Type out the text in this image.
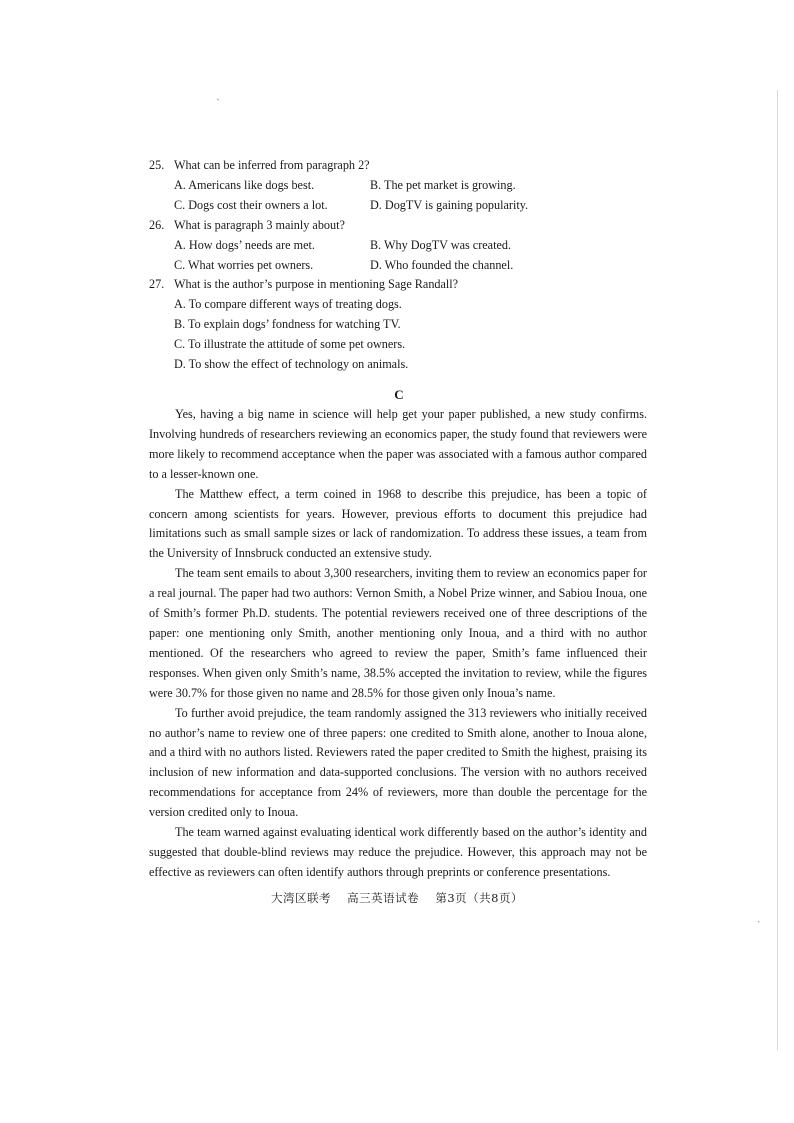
ˎ
˴
25. What can be inferred from paragraph 2?
A. Americans like dogs best.	B. The pet market is growing.
C. Dogs cost their owners a lot.	D. DogTV is gaining popularity.
26. What is paragraph 3 mainly about?
A. How dogs’ needs are met.	B. Why DogTV was created.
C. What worries pet owners.	D. Who founded the channel.
27. What is the author’s purpose in mentioning Sage Randall?
A. To compare different ways of treating dogs.
B. To explain dogs’ fondness for watching TV.
C. To illustrate the attitude of some pet owners.
D. To show the effect of technology on animals.
C

Yes, having a big name in science will help get your paper published, a new study confirms. Involving hundreds of researchers reviewing an economics paper, the study found that reviewers were more likely to recommend acceptance when the paper was associated with a famous author compared to a lesser-known one.

The Matthew effect, a term coined in 1968 to describe this prejudice, has been a topic of concern among scientists for years. However, previous efforts to document this prejudice had limitations such as small sample sizes or lack of randomization. To address these issues, a team from the University of Innsbruck conducted an extensive study.

The team sent emails to about 3,300 researchers, inviting them to review an economics paper for a real journal. The paper had two authors: Vernon Smith, a Nobel Prize winner, and Sabiou Inoua, one of Smith’s former Ph.D. students. The potential reviewers received one of three descriptions of the paper: one mentioning only Smith, another mentioning only Inoua, and a third with no author mentioned. Of the researchers who agreed to review the paper, Smith’s fame influenced their responses. When given only Smith’s name, 38.5% accepted the invitation to review, while the figures were 30.7% for those given no name and 28.5% for those given only Inoua’s name.

To further avoid prejudice, the team randomly assigned the 313 reviewers who initially received no author’s name to review one of three papers: one credited to Smith alone, another to Inoua alone, and a third with no authors listed. Reviewers rated the paper credited to Smith the highest, praising its inclusion of new information and data-supported conclusions. The version with no authors received recommendations for acceptance from 24% of reviewers, more than double the percentage for the version credited only to Inoua.

The team warned against evaluating identical work differently based on the author’s identity and suggested that double-blind reviews may reduce the prejudice. However, this approach may not be effective as reviewers can often identify authors through preprints or conference presentations.

大湾区联考 高三英语试卷 第3页（共8页）
